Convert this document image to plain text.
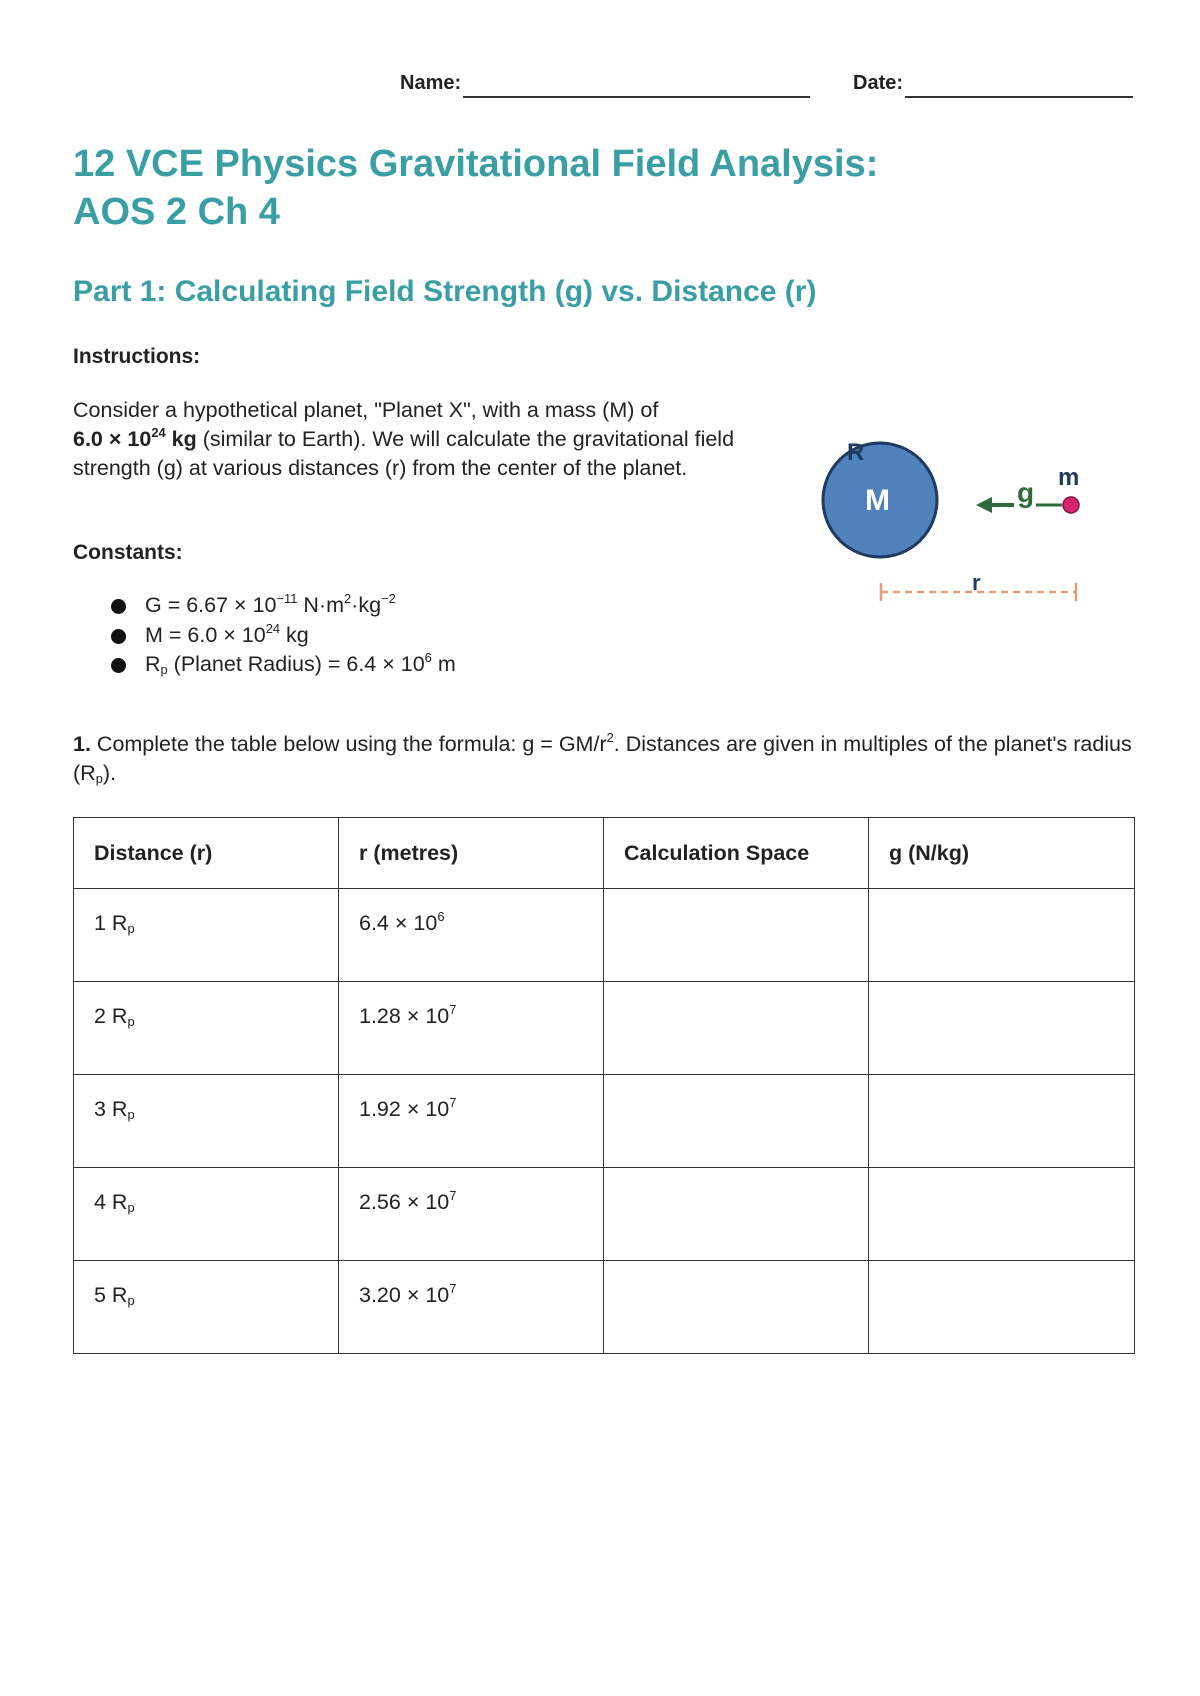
Name:	Date:
12 VCE Physics Gravitational Field Analysis:
AOS 2 Ch 4
Part 1: Calculating Field Strength (g) vs. Distance (r)
Instructions:
Consider a hypothetical planet, "Planet X", with a mass (M) of
$6.0 \times 10^{24}$ kg (similar to Earth). We will calculate the gravitational field strength (g) at various distances (r) from the center of the planet.
Constants:
$G = 6.67 \times 10^{-11}$ $N\cdot m^2\cdot kg^{-2}$
$M = 6.0 \times 10^{24}$ kg
$R_p$ (Planet Radius) = $6.4 \times 10^6$ m
R
M	g m
r
1. Complete the table below using the formula: $g = GM/r^2$. Distances are given in multiples of the planet's radius $(R_p)$.
Distance (r)	r (metres)	Calculation Space	g (N/kg)
1 $R_p$	$6.4 \times 10^6$		
2 $R_p$	$1.28 \times 10^7$		
3 $R_p$	$1.92 \times 10^7$		
4 $R_p$	$2.56 \times 10^7$		
5 $R_p$	$3.20 \times 10^7$		
